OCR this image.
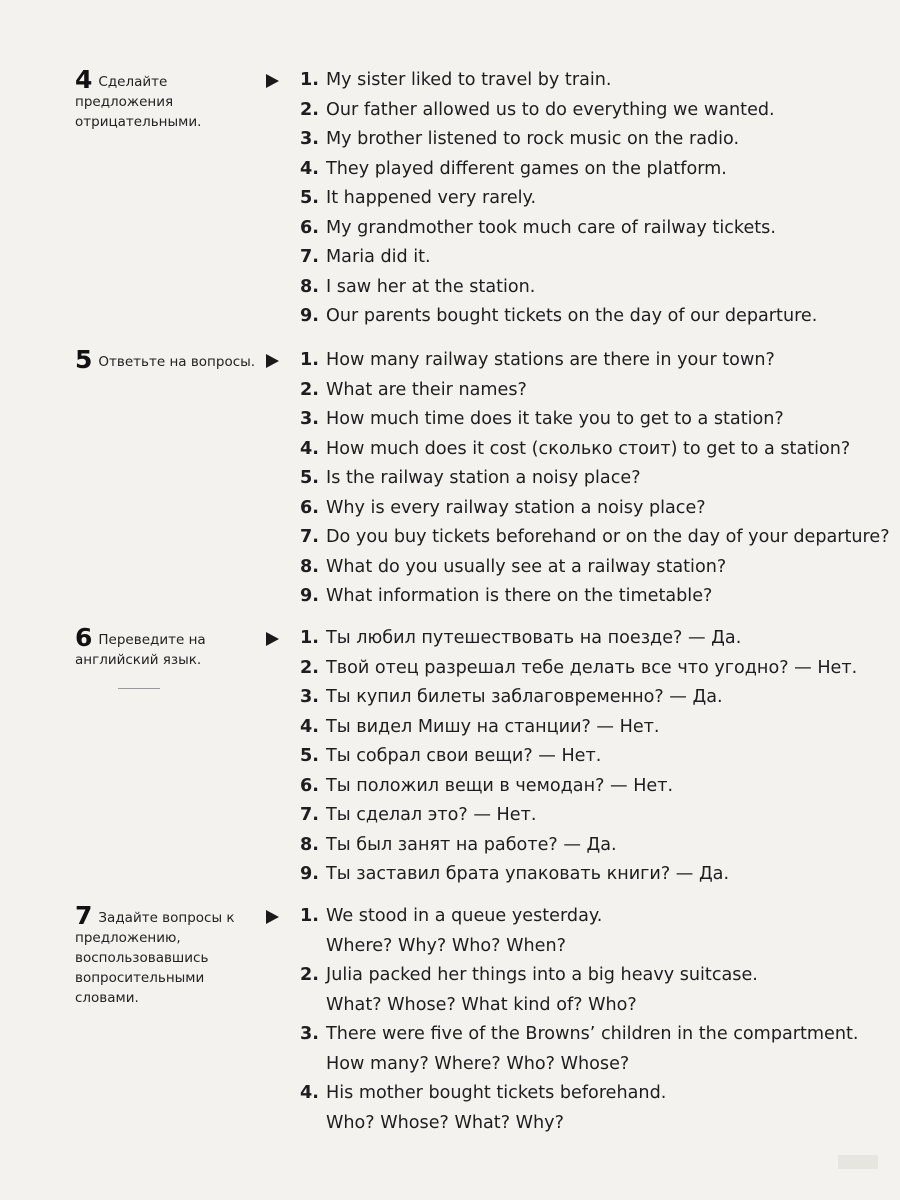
4 Сделайте предложения отрицательными.
1. My sister liked to travel by train.
2. Our father allowed us to do everything we wanted.
3. My brother listened to rock music on the radio.
4. They played different games on the platform.
5. It happened very rarely.
6. My grandmother took much care of railway tickets.
7. Maria did it.
8. I saw her at the station.
9. Our parents bought tickets on the day of our departure.
5 Ответьте на вопросы.	1. How many railway stations are there in your town?
2. What are their names?
3. How much time does it take you to get to a station?
4. How much does it cost (сколько стоит) to get to a station?
5. Is the railway station a noisy place?
6. Why is every railway station a noisy place?
7. Do you buy tickets beforehand or on the day of your departure?
8. What do you usually see at a railway station?
9. What information is there on the timetable?
6 Переведите на английский язык.
1. Ты любил путешествовать на поезде? — Да.
2. Твой отец разрешал тебе делать все что угодно? — Нет.
3. Ты купил билеты заблаговременно? — Да.
4. Ты видел Мишу на станции? — Нет.
5. Ты собрал свои вещи? — Нет.
6. Ты положил вещи в чемодан? — Нет.
7. Ты сделал это? — Нет.
8. Ты был занят на работе? — Да.
9. Ты заставил брата упаковать книги? — Да.
7 Задайте вопросы к предложению, воспользовавшись вопросительными словами.
1. We stood in a queue yesterday.
Where? Why? Who? When?
2. Julia packed her things into a big heavy suitcase.
What? Whose? What kind of? Who?
3. There were five of the Browns’ children in the compartment.
How many? Where? Who? Whose?
4. His mother bought tickets beforehand.
Who? Whose? What? Why?
